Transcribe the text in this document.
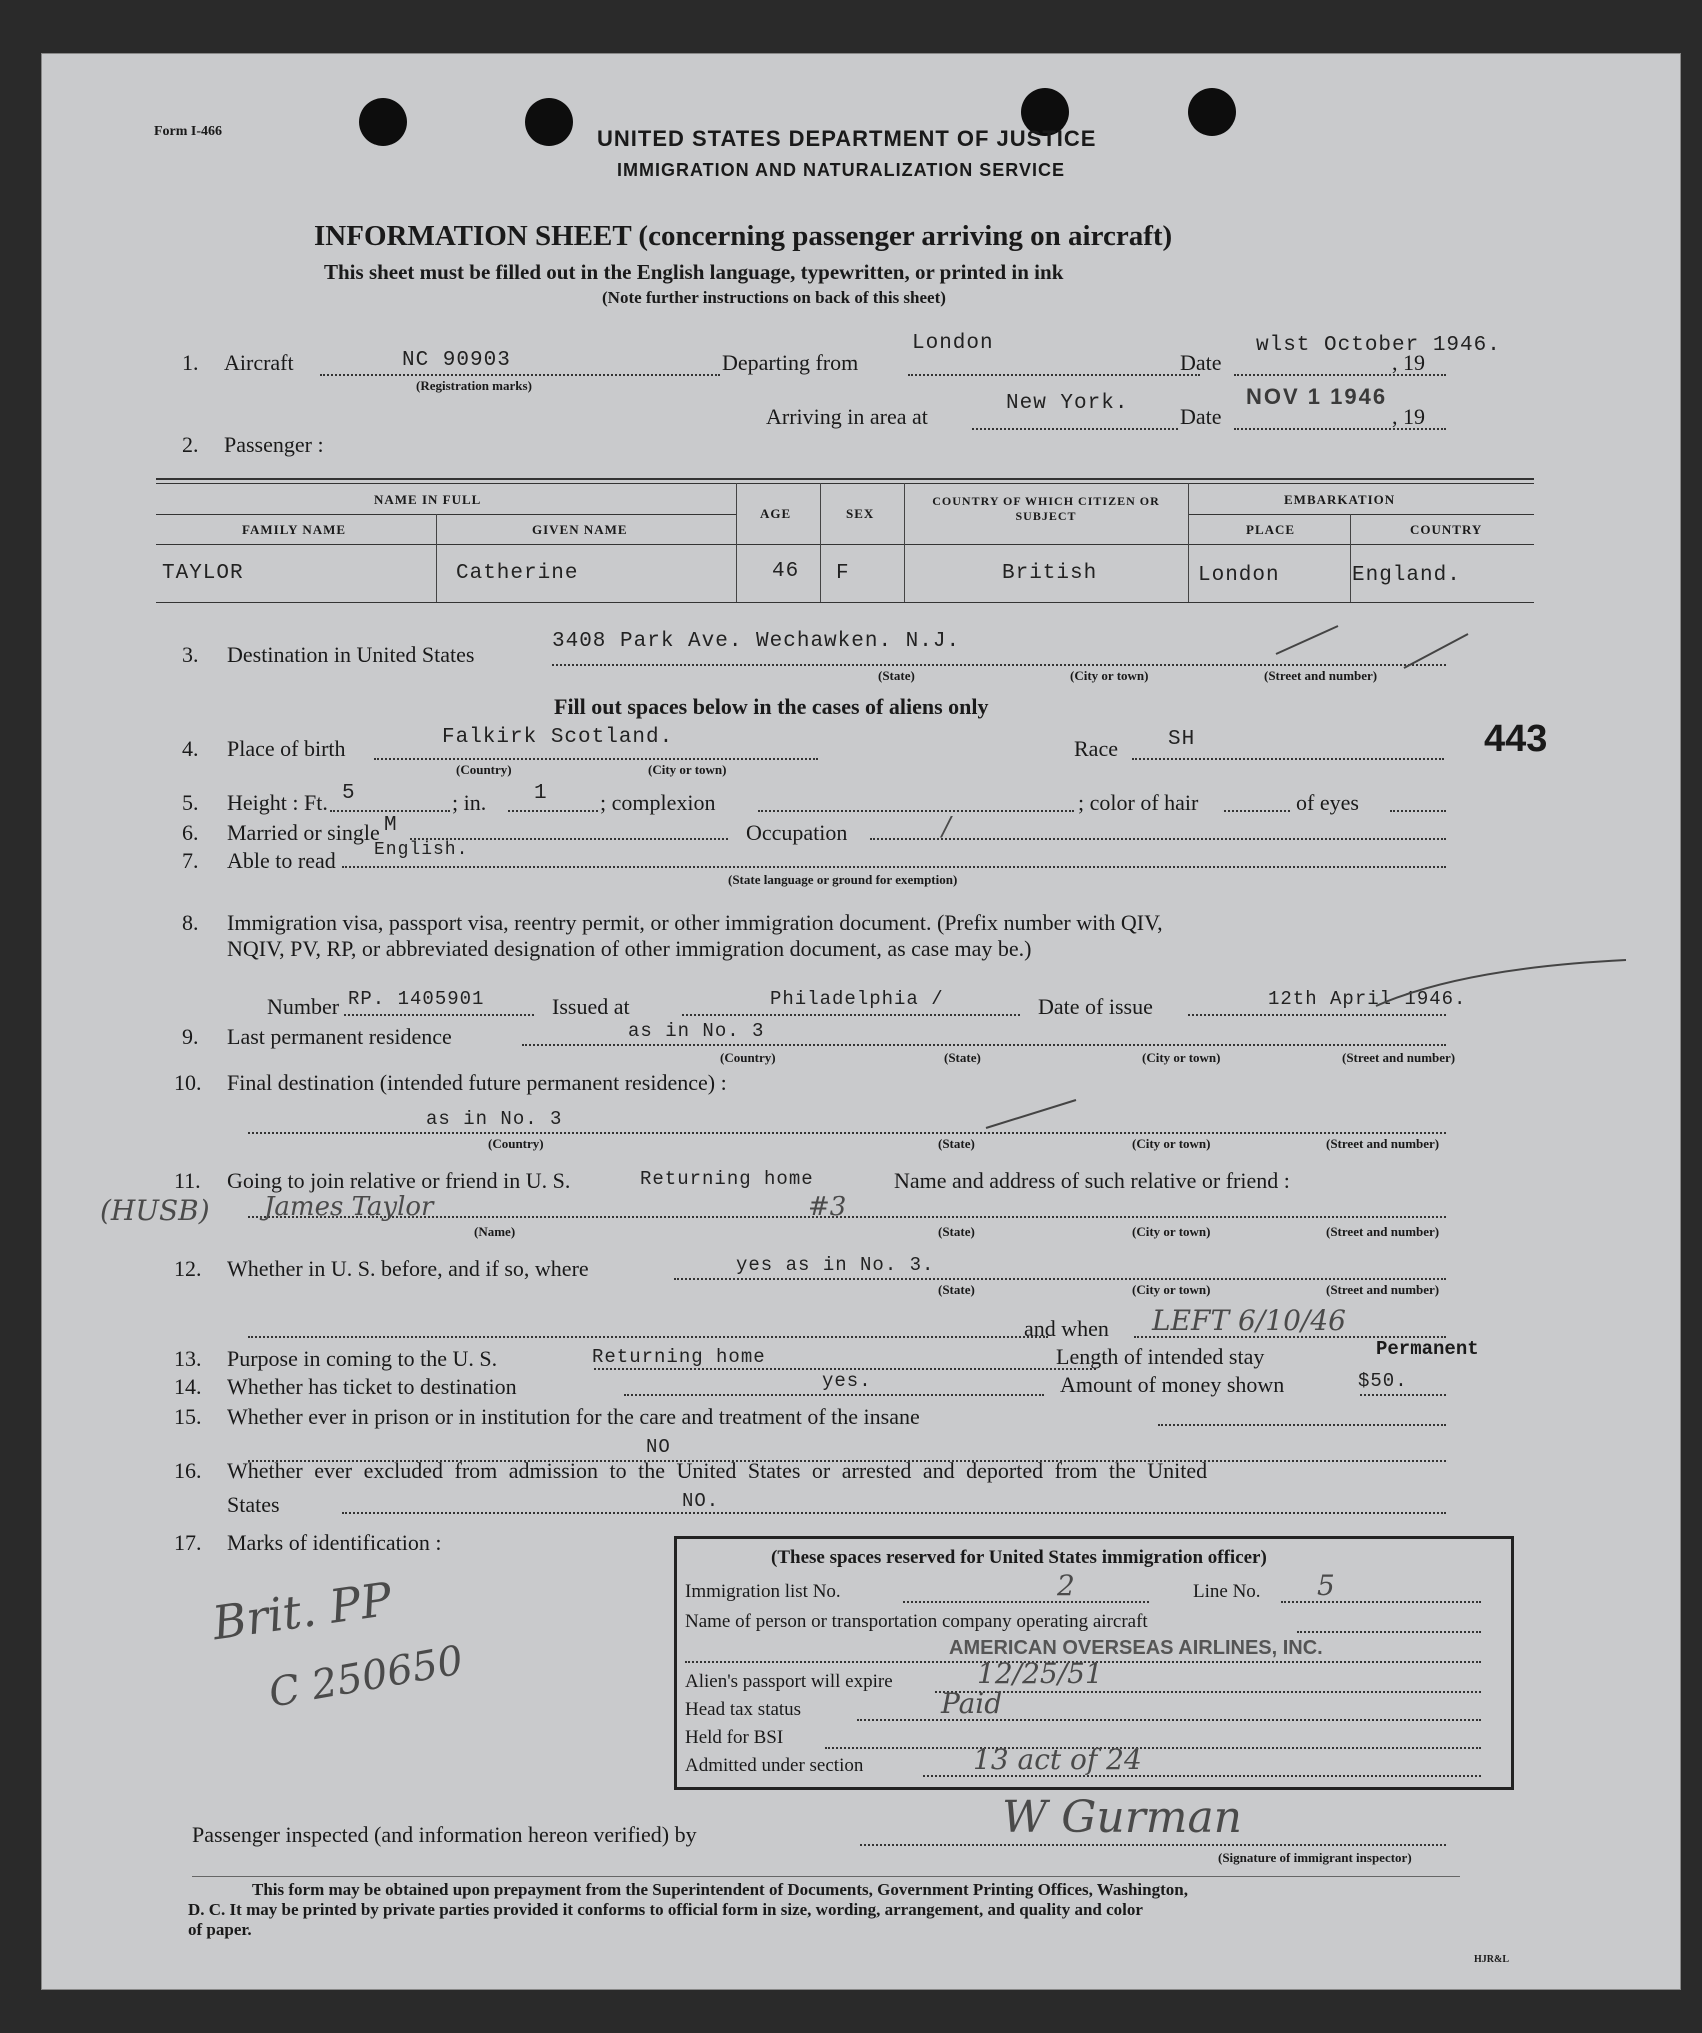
Form I-466	UNITED STATES DEPARTMENT OF JUSTICE
IMMIGRATION AND NATURALIZATION SERVICE
INFORMATION SHEET (concerning passenger arriving on aircraft)
This sheet must be filled out in the English language, typewritten, or printed in ink
(Note further instructions on back of this sheet)
1. Aircraft	NC 90903
(Registration marks)
Departing from
London
Date	, 19
wlst October 1946.
Arriving in area at
New York.
Date	, 19
NOV 1 1946
2. Passenger :
NAME IN FULL
FAMILY NAME	GIVEN NAME
AGE	SEX
COUNTRY OF WHICH CITIZEN OR SUBJECT
EMBARKATION
PLACE	COUNTRY
TAYLOR	Catherine	46 F	British	London	England.
3. Destination in United States
3408 Park Ave. Wechawken. N.J.
(State)	(City or town)	(Street and number)
Fill out spaces below in the cases of aliens only
4. Place of birth	Falkirk Scotland.
(Country)	(City or town)
Race SH	443
5. Height : Ft. 5	; in. 1 ; complexion	; color of hair	of eyes
6. Married or single M	Occupation	/
7. Able to read English.
(State language or ground for exemption)
8. Immigration visa, passport visa, reentry permit, or other immigration document. (Prefix number with QIV,
NQIV, PV, RP, or abbreviated designation of other immigration document, as case may be.)
Number RP. 1405901	Issued at	Philadelphia /	Date of issue	12th April 1946.
9. Last permanent residence	as in No. 3
(Country)	(State)	(City or town)	(Street and number)
10. Final destination (intended future permanent residence) :
as in No. 3
(Country)	(State)	(City or town)	(Street and number)
11. Going to join relative or friend in U. S.	Returning home	Name and address of such relative or friend :
(HUSB) James Taylor	#3
(Name)	(State)	(City or town)	(Street and number)
12. Whether in U. S. before, and if so, where	yes as in No. 3.
(State)	(City or town)	(Street and number)
and when LEFT 6/10/46
13. Purpose in coming to the U. S.	Returning home	Length of intended stay	Permanent
14. Whether has ticket to destination	yes.	Amount of money shown	$50.
15. Whether ever in prison or in institution for the care and treatment of the insane
NO
16. Whether ever excluded from admission to the United States or arrested and deported from the United
States	NO.
17. Marks of identification :
Brit. PP
C 250650
(These spaces reserved for United States immigration officer)
Immigration list No.	2	Line No. 5
Name of person or transportation company operating aircraft
AMERICAN OVERSEAS AIRLINES, INC.
Alien's passport will expire	12/25/51
Head tax status	Paid
Held for BSI
Admitted under section	13 act of 24
Passenger inspected (and information hereon verified) by	W Gurman
(Signature of immigrant inspector)
This form may be obtained upon prepayment from the Superintendent of Documents, Government Printing Offices, Washington,
D. C. It may be printed by private parties provided it conforms to official form in size, wording, arrangement, and quality and color
of paper.
HJR&L
